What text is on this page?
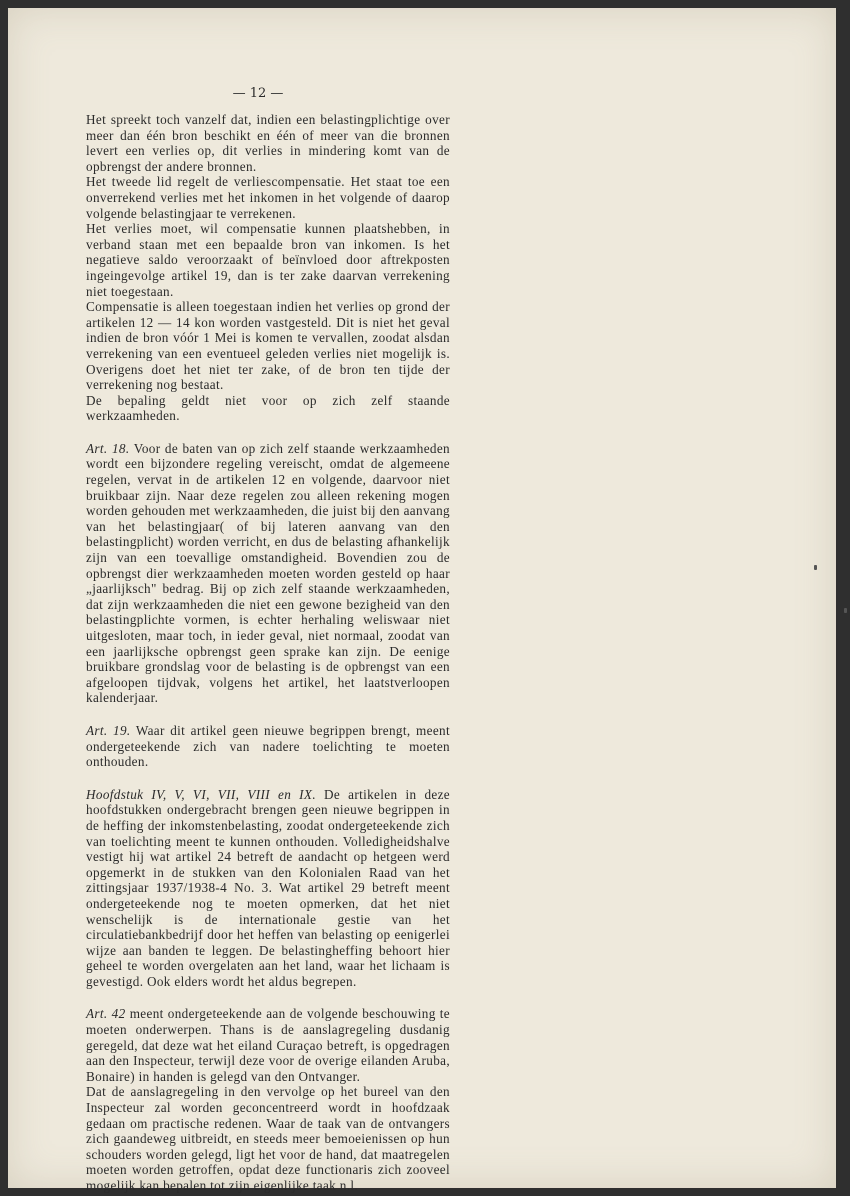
— 12 —

Het spreekt toch vanzelf dat, indien een belastingplichtige over meer dan één bron beschikt en één of meer van die bronnen levert een verlies op, dit verlies in mindering komt van de opbrengst der andere bronnen.

Het tweede lid regelt de verliescompensatie. Het staat toe een onverrekend verlies met het inkomen in het volgende of daarop volgende belastingjaar te verrekenen.

Het verlies moet, wil compensatie kunnen plaatshebben, in verband staan met een bepaalde bron van inkomen. Is het negatieve saldo veroorzaakt of beïnvloed door aftrekposten ingeingevolge artikel 19, dan is ter zake daarvan verrekening niet toegestaan.

Compensatie is alleen toegestaan indien het verlies op grond der artikelen 12 — 14 kon worden vastgesteld. Dit is niet het geval indien de bron vóór 1 Mei is komen te vervallen, zoodat alsdan verrekening van een eventueel geleden verlies niet mogelijk is. Overigens doet het niet ter zake, of de bron ten tijde der verrekening nog bestaat.

De bepaling geldt niet voor op zich zelf staande werkzaamheden.

Art. 18. Voor de baten van op zich zelf staande werkzaamheden wordt een bijzondere regeling vereischt, omdat de algemeene regelen, vervat in de artikelen 12 en volgende, daarvoor niet bruikbaar zijn. Naar deze regelen zou alleen rekening mogen worden gehouden met werkzaamheden, die juist bij den aanvang van het belastingjaar( of bij lateren aanvang van den belastingplicht) worden verricht, en dus de belasting afhankelijk zijn van een toevallige omstandigheid. Bovendien zou de opbrengst dier werkzaamheden moeten worden gesteld op haar „jaarlijksch" bedrag. Bij op zich zelf staande werkzaamheden, dat zijn werkzaamheden die niet een gewone bezigheid van den belastingplichte vormen, is echter herhaling weliswaar niet uitgesloten, maar toch, in ieder geval, niet normaal, zoodat van een jaarlijksche opbrengst geen sprake kan zijn. De eenige bruikbare grondslag voor de belasting is de opbrengst van een afgeloopen tijdvak, volgens het artikel, het laatstverloopen kalenderjaar.

Art. 19. Waar dit artikel geen nieuwe begrippen brengt, meent ondergeteekende zich van nadere toelichting te moeten onthouden.

Hoofdstuk IV, V, VI, VII, VIII en IX. De artikelen in deze hoofdstukken ondergebracht brengen geen nieuwe begrippen in de heffing der inkomstenbelasting, zoodat ondergeteekende zich van toelichting meent te kunnen onthouden. Volledigheidshalve vestigt hij wat artikel 24 betreft de aandacht op hetgeen werd opgemerkt in de stukken van den Kolonialen Raad van het zittingsjaar 1937/1938-4 No. 3. Wat artikel 29 betreft meent ondergeteekende nog te moeten opmerken, dat het niet wenschelijk is de internationale gestie van het circulatiebankbedrijf door het heffen van belasting op eenigerlei wijze aan banden te leggen. De belastingheffing behoort hier geheel te worden overgelaten aan het land, waar het lichaam is gevestigd. Ook elders wordt het aldus begrepen.

Art. 42 meent ondergeteekende aan de volgende beschouwing te moeten onderwerpen. Thans is de aanslagregeling dusdanig geregeld, dat deze wat het eiland Curaçao betreft, is opgedragen aan den Inspecteur, terwijl deze voor de overige eilanden Aruba, Bonaire) in handen is gelegd van den Ontvanger.

Dat de aanslagregeling in den vervolge op het bureel van den Inspecteur zal worden geconcentreerd wordt in hoofdzaak gedaan om practische redenen. Waar de taak van de ontvangers zich gaandeweg uitbreidt, en steeds meer bemoeienissen op hun schouders worden gelegd, ligt het voor de hand, dat maatregelen moeten worden getroffen, opdat deze functionaris zich zooveel mogelijk kan bepalen tot zijn eigenlijke taak n.l.
